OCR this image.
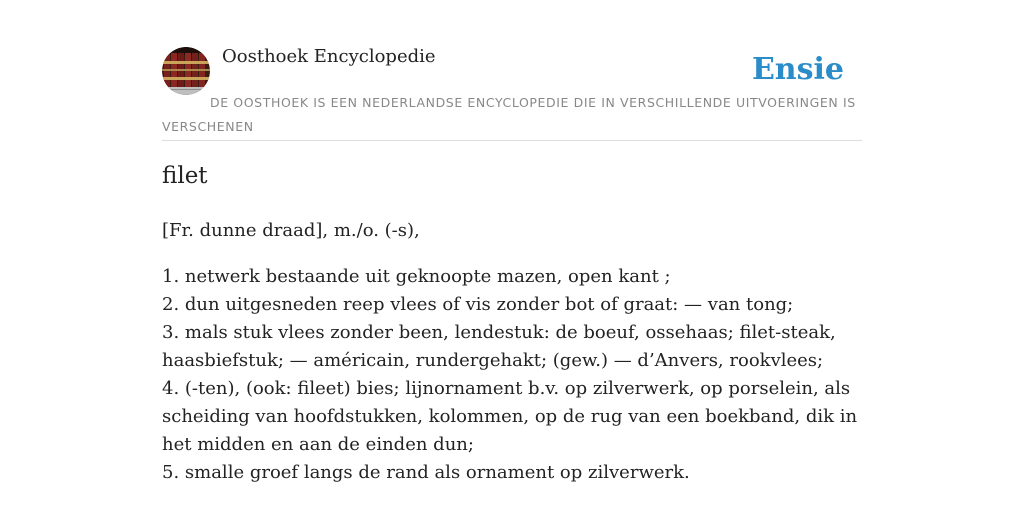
Oosthoek Encyclopedie	Ensie
DE OOSTHOEK IS EEN NEDERLANDSE ENCYCLOPEDIE DIE IN VERSCHILLENDE UITVOERINGEN IS VERSCHENEN
filet
[Fr. dunne draad], m./o. (-s),
1. netwerk bestaande uit geknoopte mazen, open kant ;
2. dun uitgesneden reep vlees of vis zonder bot of graat: — van tong;
3. mals stuk vlees zonder been, lendestuk: de boeuf, ossehaas; filet-steak, haasbiefstuk; — américain, rundergehakt; (gew.) — d’Anvers, rookvlees;
4. (-ten), (ook: fileet) bies; lijnornament b.v. op zilverwerk, op porselein, als scheiding van hoofdstukken, kolommen, op de rug van een boekband, dik in het midden en aan de einden dun;
5. smalle groef langs de rand als ornament op zilverwerk.
